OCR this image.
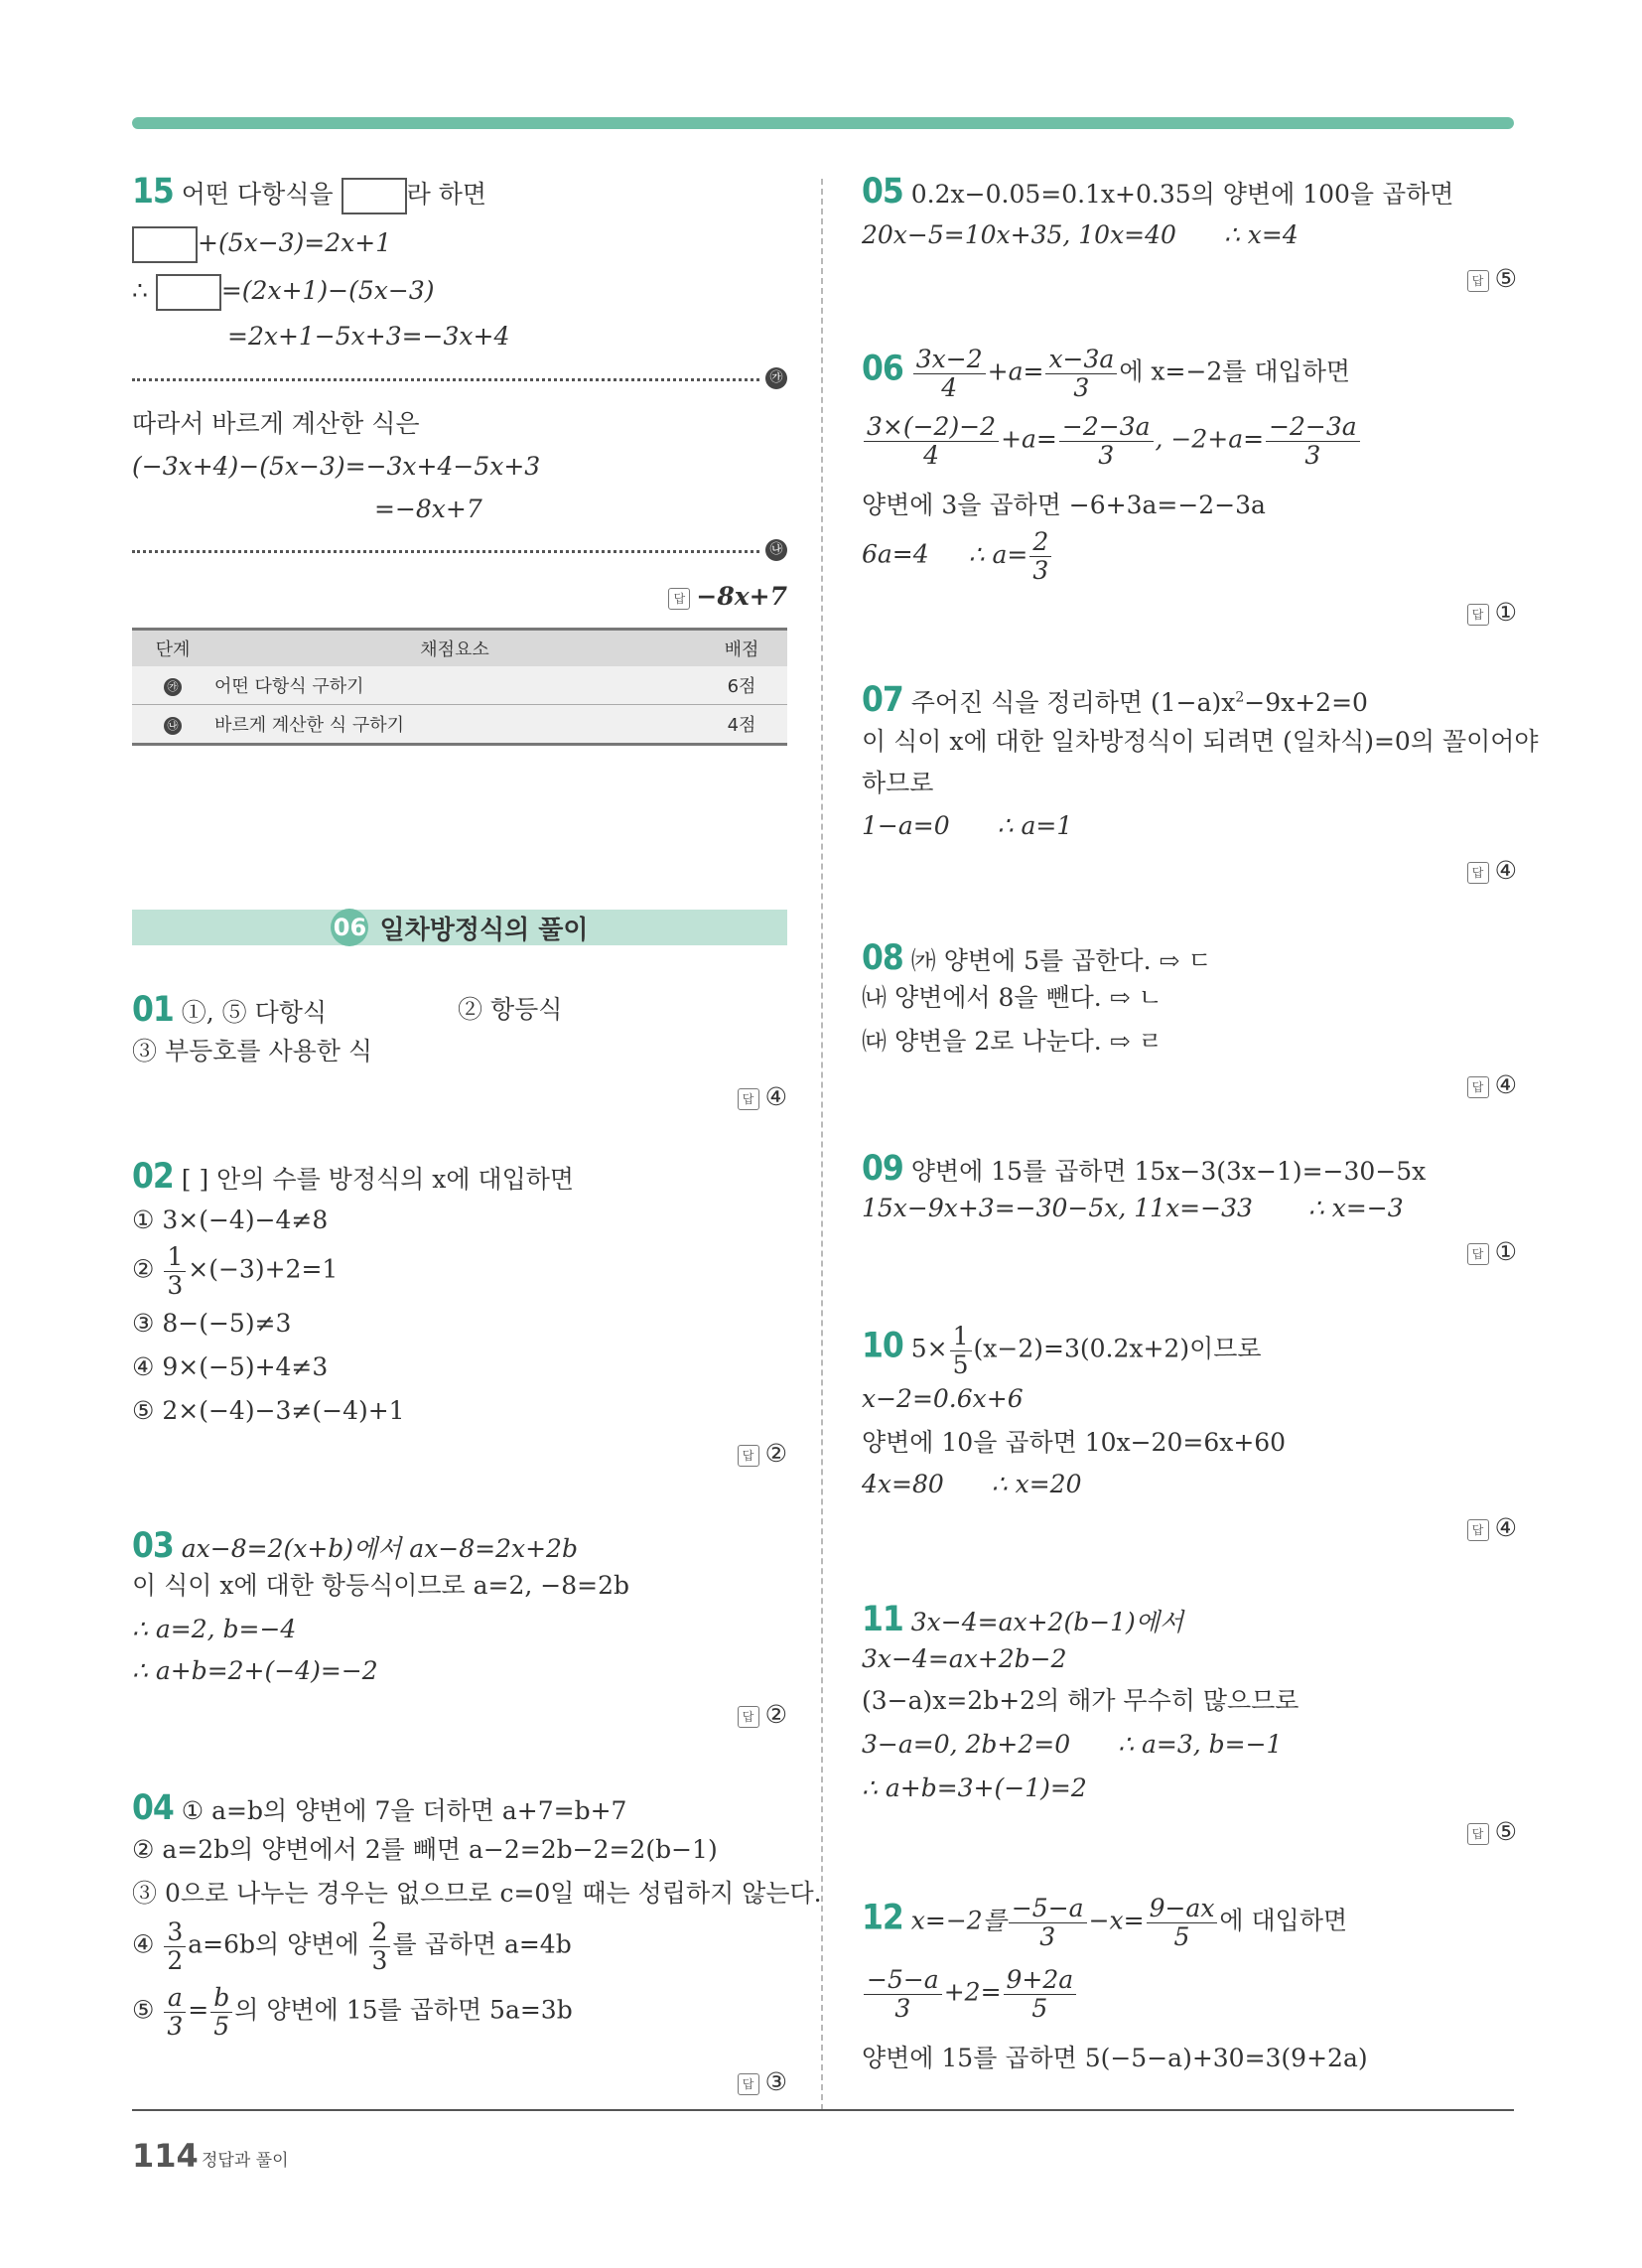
15 어떤 다항식을	라 하면
+(5x−3)=2x+1
∴	=(2x+1)−(5x−3)
=2x+1−5x+3=−3x+4
㉮
따라서 바르게 계산한 식은
(−3x+4)−(5x−3)=−3x+4−5x+3
=−8x+7
㉯
답 −8x+7
단계	채점요소	배점
㉮	어떤 다항식 구하기	6점
㉯	바르게 계산한 식 구하기	4점
06 일차방정식의 풀이
01 ①, ⑤ 다항식	② 항등식
③ 부등호를 사용한 식
답 ④
02 [ ] 안의 수를 방정식의 x에 대입하면
① 3×(−4)−4≠8
② $\frac{1}{3} \times(-3)+2=1$
③ 8−(−5)≠3
④ 9×(−5)+4≠3
⑤ 2×(−4)−3≠(−4)+1
답 ②
03 ax−8=2(x+b)에서 ax−8=2x+2b
이 식이 x에 대한 항등식이므로 a=2, −8=2b
∴ a=2, b=−4
∴ a+b=2+(−4)=−2
답 ②
04 ① a=b의 양변에 7을 더하면 a+7=b+7
② a=2b의 양변에서 2를 빼면 a−2=2b−2=2(b−1)
③ 0으로 나누는 경우는 없으므로 c=0일 때는 성립하지 않는다.
④ $\frac{3}{2} a=6b$의 양변에 $\frac{2}{3}$ 를 곱하면 a=4b
⑤ $\frac{a}{3} = \frac{b}{5}$ 의 양변에 15를 곱하면 5a=3b
답 ③
05 0.2x−0.05=0.1x+0.35의 양변에 100을 곱하면
20x−5=10x+35, 10x=40 ∴ x=4
답 ⑤
$06 \frac{3x-2}{4} +a= \frac{x-3a}{3}$ 에 x=−2를 대입하면
$\frac{3\times(-2)-2}{4} +a= \frac{-2-3a}{3}$ , $-2+a= \frac{-2-3a}{3}$
양변에 3을 곱하면 −6+3a=−2−3a
6a=4 ∴ $a= \frac{2}{3}$
답 ①
07 주어진 식을 정리하면 $(1-a)x^2-9x+2=0$
이 식이 x에 대한 일차방정식이 되려면 (일차식)=0의 꼴이어야
하므로
1−a=0 ∴ a=1
답 ④
08 ㈎ 양변에 5를 곱한다. ⇨ ㄷ
㈏ 양변에서 8을 뺀다. ⇨ ㄴ
㈐ 양변을 2로 나눈다. ⇨ ㄹ
답 ④
09 양변에 15를 곱하면 15x−3(3x−1)=−30−5x
15x−9x+3=−30−5x, 11x=−33 ∴ x=−3
답 ①
10 $5\times \frac{1}{5} (x-2)=3(0.2x+2)$이므로
x−2=0.6x+6
양변에 10을 곱하면 10x−20=6x+60
4x=80 ∴ x=20
답 ④
11 3x−4=ax+2(b−1)에서
3x−4=ax+2b−2
(3−a)x=2b+2의 해가 무수히 많으므로
3−a=0, 2b+2=0 ∴ a=3, b=−1
∴ a+b=3+(−1)=2
답 ⑤
12 x=−2를 $\frac{-5-a}{3} -x= \frac{9-ax}{5}$ 에 대입하면
$\frac{-5-a}{3} +2= \frac{9+2a}{5}$
양변에 15를 곱하면 5(−5−a)+30=3(9+2a)
114 정답과 풀이
